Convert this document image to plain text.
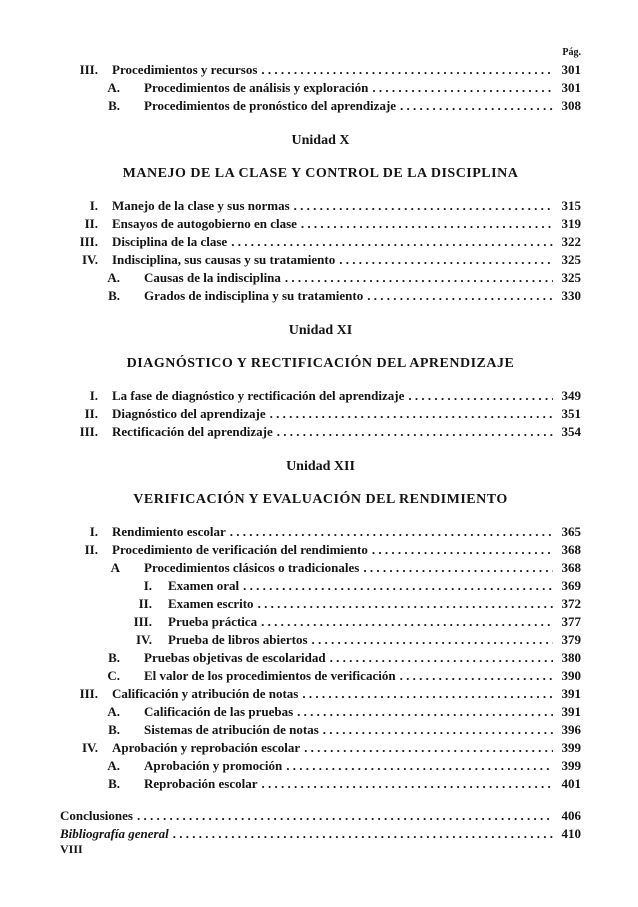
Pág.
III. Procedimientos y recursos . . .	301
A. Procedimientos de análisis y exploración . . .	301
B. Procedimientos de pronóstico del aprendizaje . . .	308
Unidad X
MANEJO DE LA CLASE Y CONTROL DE LA DISCIPLINA
I. Manejo de la clase y sus normas . . .	315
II. Ensayos de autogobierno en clase . . .	319
III. Disciplina de la clase . . .	322
IV. Indisciplina, sus causas y su tratamiento . . .	325
A. Causas de la indisciplina . . .	325
B. Grados de indisciplina y su tratamiento . . .	330
Unidad XI
DIAGNÓSTICO Y RECTIFICACIÓN DEL APRENDIZAJE
I. La fase de diagnóstico y rectificación del aprendizaje . . .	349
II. Diagnóstico del aprendizaje . . .	351
III. Rectificación del aprendizaje . . .	354
Unidad XII
VERIFICACIÓN Y EVALUACIÓN DEL RENDIMIENTO
I. Rendimiento escolar . . .	365
II. Procedimiento de verificación del rendimiento . . .	368
A Procedimientos clásicos o tradicionales . . .	368
I. Examen oral . . .	369
II. Examen escrito . . .	372
III. Prueba práctica . . .	377
IV. Prueba de libros abiertos . . .	379
B. Pruebas objetivas de escolaridad . . .	380
C. El valor de los procedimientos de verificación . . .	390
III. Calificación y atribución de notas . . .	391
A. Calificación de las pruebas . . .	391
B. Sistemas de atribución de notas . . .	396
IV. Aprobación y reprobación escolar . . .	399
A. Aprobación y promoción . . .	399
B. Reprobación escolar . . .	401
Conclusiones . . .	406
Bibliografía general . . .	410
VIII
